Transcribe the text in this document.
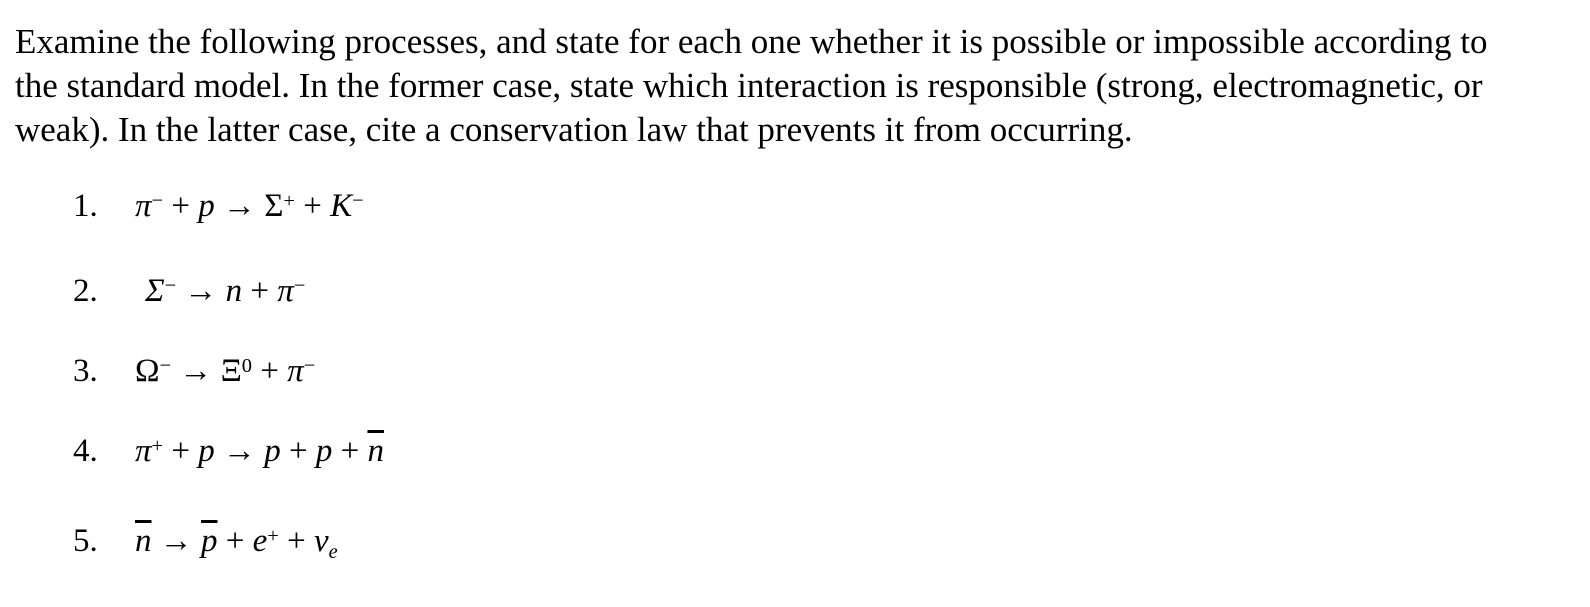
Examine the following processes, and state for each one whether it is possible or impossible according to
the standard model. In the former case, state which interaction is responsible (strong, electromagnetic, or
weak). In the latter case, cite a conservation law that prevents it from occurring.
1. π− + p → Σ+ + K−
2. Σ− → n + π−
3. $\Omega^- \to \Xi^0 + \pi^-$
4. $\pi^+ + p \to p + p + \overline{n}$
5. $\overline{n} \to \overline{p} + e^+ + \nu_e$
